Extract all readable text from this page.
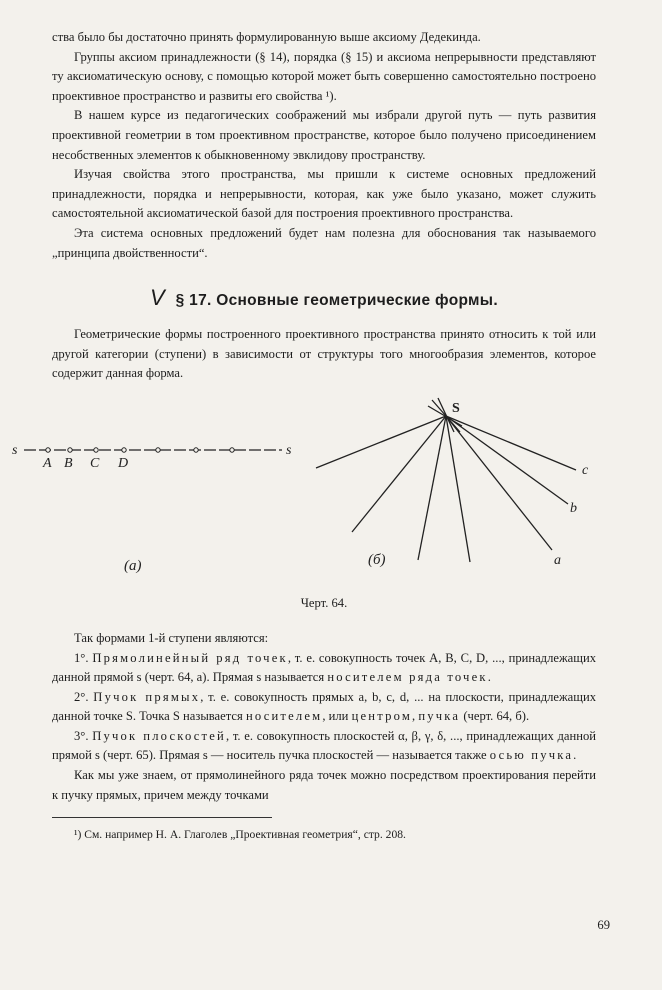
ства было бы достаточно принять формулированную выше аксиому Дедекинда.

Группы аксиом принадлежности (§ 14), порядка (§ 15) и аксиома непрерывности представляют ту аксиоматическую основу, с помощью которой может быть совершенно самостоятельно построено проективное пространство и развиты его свойства ¹).

В нашем курсе из педагогических соображений мы избрали другой путь — путь развития проективной геометрии в том проективном пространстве, которое было получено присоединением несобственных элементов к обыкновенному эвклидову пространству.

Изучая свойства этого пространства, мы пришли к системе основных предложений принадлежности, порядка и непрерывности, которая, как уже было указано, может служить самостоятельной аксиоматической базой для построения проективного пространства.

Эта система основных предложений будет нам полезна для обоснования так называемого „принципа двойственности“.

V § 17. Основные геометрические формы.

Геометрические формы построенного проективного пространства принято относить к той или другой категории (ступени) в зависимости от структуры того многообразия элементов, которое содержит данная форма.

s
A B C D
s
(a)
S
a
b
c
(б)
Черт. 64.

Так формами 1-й ступени являются:

1°. Прямолинейный ряд точек, т. е. совокупность точек A, B, C, D, ..., принадлежащих данной прямой s (черт. 64, a). Прямая s называется носителем ряда точек.

2°. Пучок прямых, т. е. совокупность прямых a, b, c, d, ... на плоскости, принадлежащих данной точке S. Точка S называется носителем, или центром, пучка (черт. 64, б).

3°. Пучок плоскостей, т. е. совокупность плоскостей α, β, γ, δ, ..., принадлежащих данной прямой s (черт. 65). Прямая s — носитель пучка плоскостей — называется также осью пучка.

Как мы уже знаем, от прямолинейного ряда точек можно посредством проектирования перейти к пучку прямых, причем между точками

¹) См. например Н. А. Глаголев „Проективная геометрия“, стр. 208.

69
